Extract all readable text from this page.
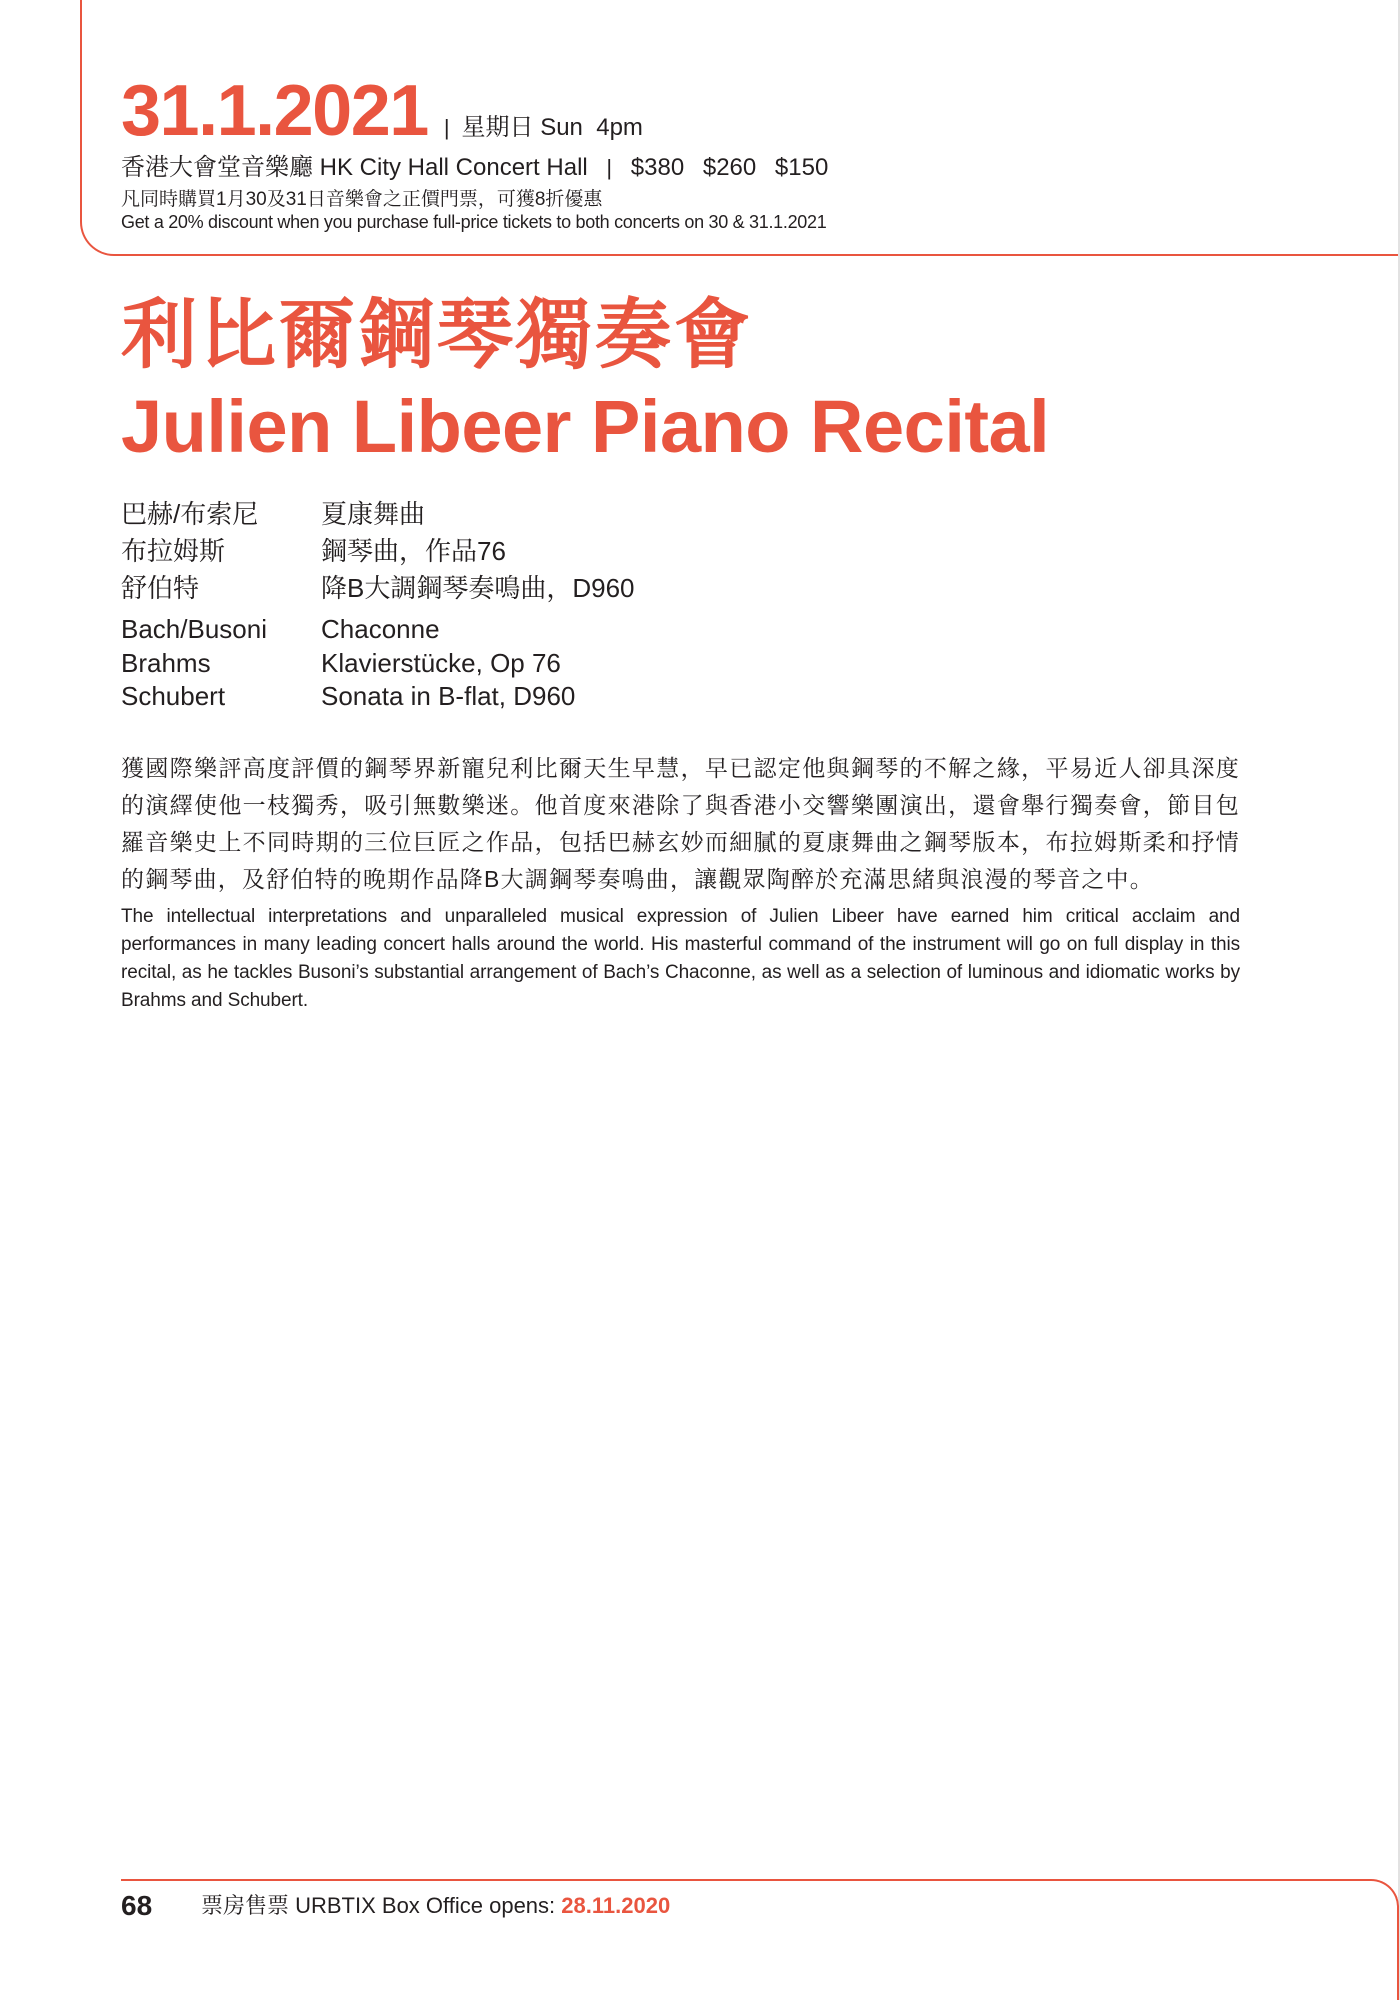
31.1.2021 | 星期日 Sun  4pm
香港大會堂音樂廳 HK City Hall Concert Hall | $380 $260 $150
凡同時購買1月30及31日音樂會之正價門票，可獲8折優惠
Get a 20% discount when you purchase full-price tickets to both concerts on 30 & 31.1.2021
利比爾鋼琴獨奏會
Julien Libeer Piano Recital
巴赫/布索尼	夏康舞曲
布拉姆斯	鋼琴曲，作品76
舒伯特	降B大調鋼琴奏鳴曲，D960
Bach/Busoni	Chaconne
Brahms	Klavierstücke, Op 76
Schubert	Sonata in B-flat, D960

獲國際樂評高度評價的鋼琴界新寵兒利比爾天生早慧，早已認定他與鋼琴的不解之緣，平易近人卻具深度的演繹使他一枝獨秀，吸引無數樂迷。他首度來港除了與香港小交響樂團演出，還會舉行獨奏會，節目包羅音樂史上不同時期的三位巨匠之作品，包括巴赫玄妙而細膩的夏康舞曲之鋼琴版本，布拉姆斯柔和抒情的鋼琴曲，及舒伯特的晚期作品降B大調鋼琴奏鳴曲，讓觀眾陶醉於充滿思緒與浪漫的琴音之中。

The intellectual interpretations and unparalleled musical expression of Julien Libeer have earned him critical acclaim and performances in many leading concert halls around the world. His masterful command of the instrument will go on full display in this recital, as he tackles Busoni’s substantial arrangement of Bach’s Chaconne, as well as a selection of luminous and idiomatic works by Brahms and Schubert.

68 票房售票 URBTIX Box Office opens: 28.11.2020
